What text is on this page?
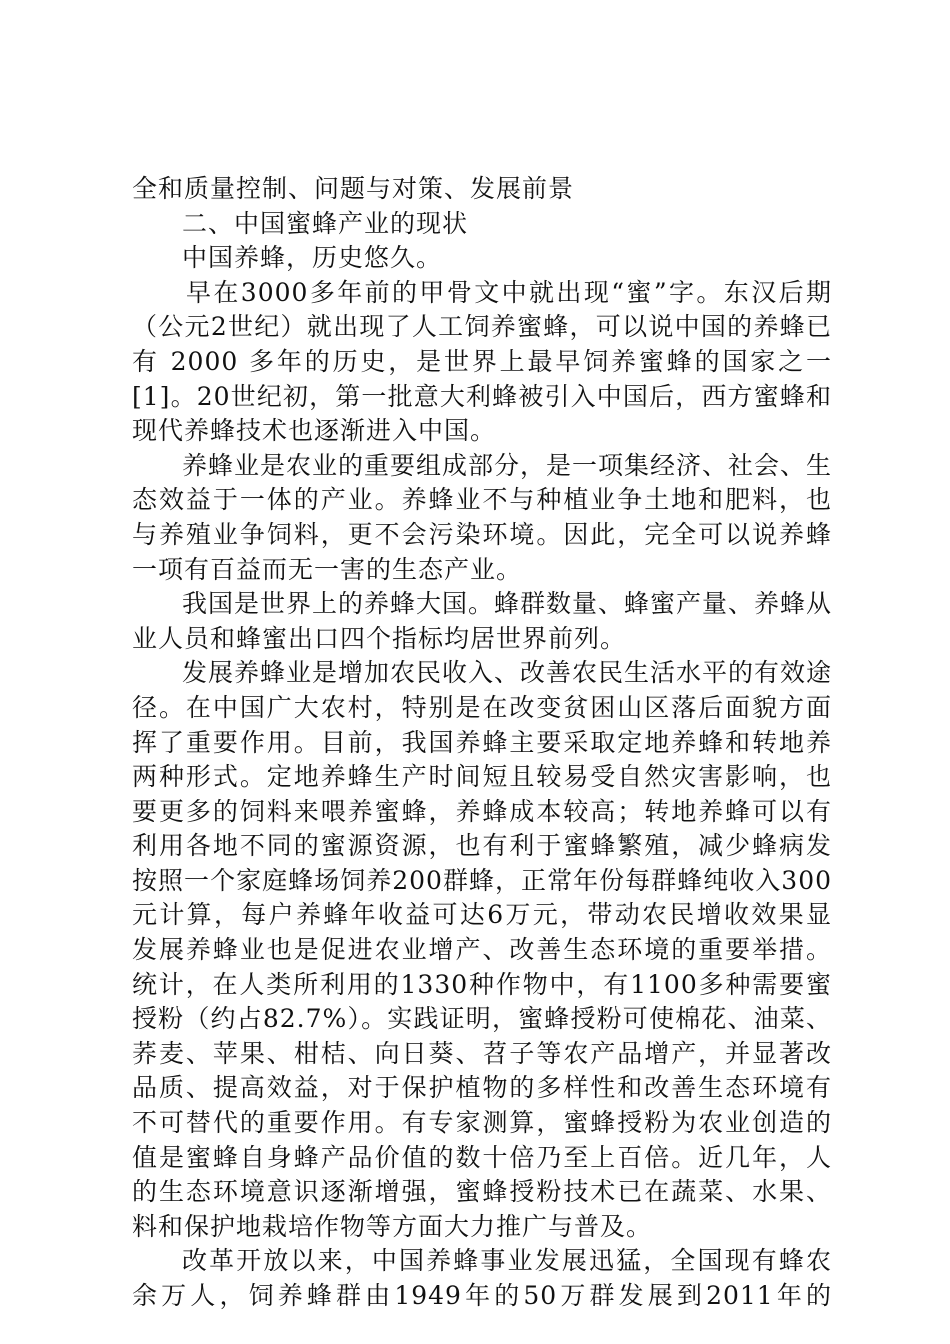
全和质量控制、问题与对策、发展前景
二、中国蜜蜂产业的现状
中国养蜂，历史悠久。
早在3000多年前的甲骨文中就出现“蜜”字。东汉后期
（公元2世纪）就出现了人工饲养蜜蜂，可以说中国的养蜂已
有 2000 多年的历史，是世界上最早饲养蜜蜂的国家之一
[1]。20世纪初，第一批意大利蜂被引入中国后，西方蜜蜂和
现代养蜂技术也逐渐进入中国。
养蜂业是农业的重要组成部分，是一项集经济、社会、生
态效益于一体的产业。养蜂业不与种植业争土地和肥料，也
与养殖业争饲料，更不会污染环境。因此，完全可以说养蜂
一项有百益而无一害的生态产业。
我国是世界上的养蜂大国。蜂群数量、蜂蜜产量、养蜂从
业人员和蜂蜜出口四个指标均居世界前列。
发展养蜂业是增加农民收入、改善农民生活水平的有效途
径。在中国广大农村，特别是在改变贫困山区落后面貌方面
挥了重要作用。目前，我国养蜂主要采取定地养蜂和转地养
两种形式。定地养蜂生产时间短且较易受自然灾害影响，也
要更多的饲料来喂养蜜蜂，养蜂成本较高；转地养蜂可以有
利用各地不同的蜜源资源，也有利于蜜蜂繁殖，减少蜂病发
按照一个家庭蜂场饲养200群蜂，正常年份每群蜂纯收入300
元计算，每户养蜂年收益可达6万元，带动农民增收效果显
发展养蜂业也是促进农业增产、改善生态环境的重要举措。
统计，在人类所利用的1330种作物中，有1100多种需要蜜
授粉（约占82.7%）。实践证明，蜜蜂授粉可使棉花、油菜、
荞麦、苹果、柑桔、向日葵、苕子等农产品增产，并显著改
品质、提高效益，对于保护植物的多样性和改善生态环境有
不可替代的重要作用。有专家测算，蜜蜂授粉为农业创造的
值是蜜蜂自身蜂产品价值的数十倍乃至上百倍。近几年，人
的生态环境意识逐渐增强，蜜蜂授粉技术已在蔬菜、水果、
料和保护地栽培作物等方面大力推广与普及。
改革开放以来，中国养蜂事业发展迅猛，全国现有蜂农
余万人，饲养蜂群由1949年的50万群发展到2011年的
